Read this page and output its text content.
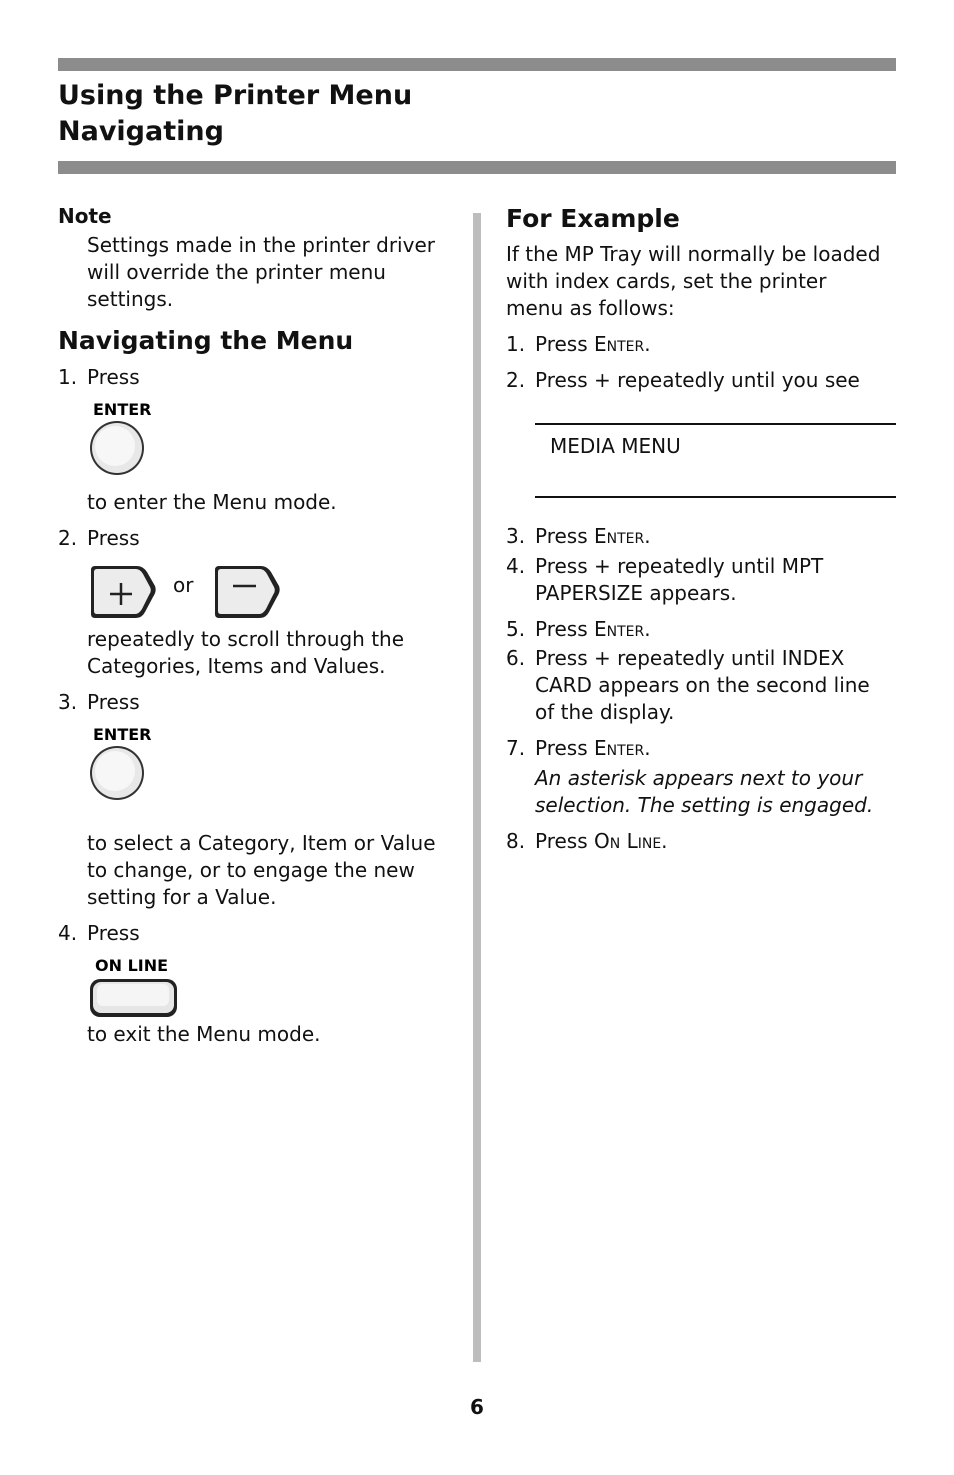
Using the Printer Menu
Navigating
Note
Settings made in the printer driver
will override the printer menu
settings.
Navigating the Menu
1. Press
ENTER
to enter the Menu mode.
2. Press
or
repeatedly to scroll through the
Categories, Items and Values.
3. Press
ENTER
to select a Category, Item or Value
to change, or to engage the new
setting for a Value.
4. Press
ON LINE
to exit the Menu mode.
For Example
If the MP Tray will normally be loaded
with index cards, set the printer
menu as follows:
1. Press Enter.
2. Press + repeatedly until you see
MEDIA MENU
3. Press Enter.
4. Press + repeatedly until MPT
PAPERSIZE appears.
5. Press Enter.
6. Press + repeatedly until INDEX
CARD appears on the second line
of the display.
7. Press Enter.
An asterisk appears next to your
selection. The setting is engaged.
8. Press On Line.
6
